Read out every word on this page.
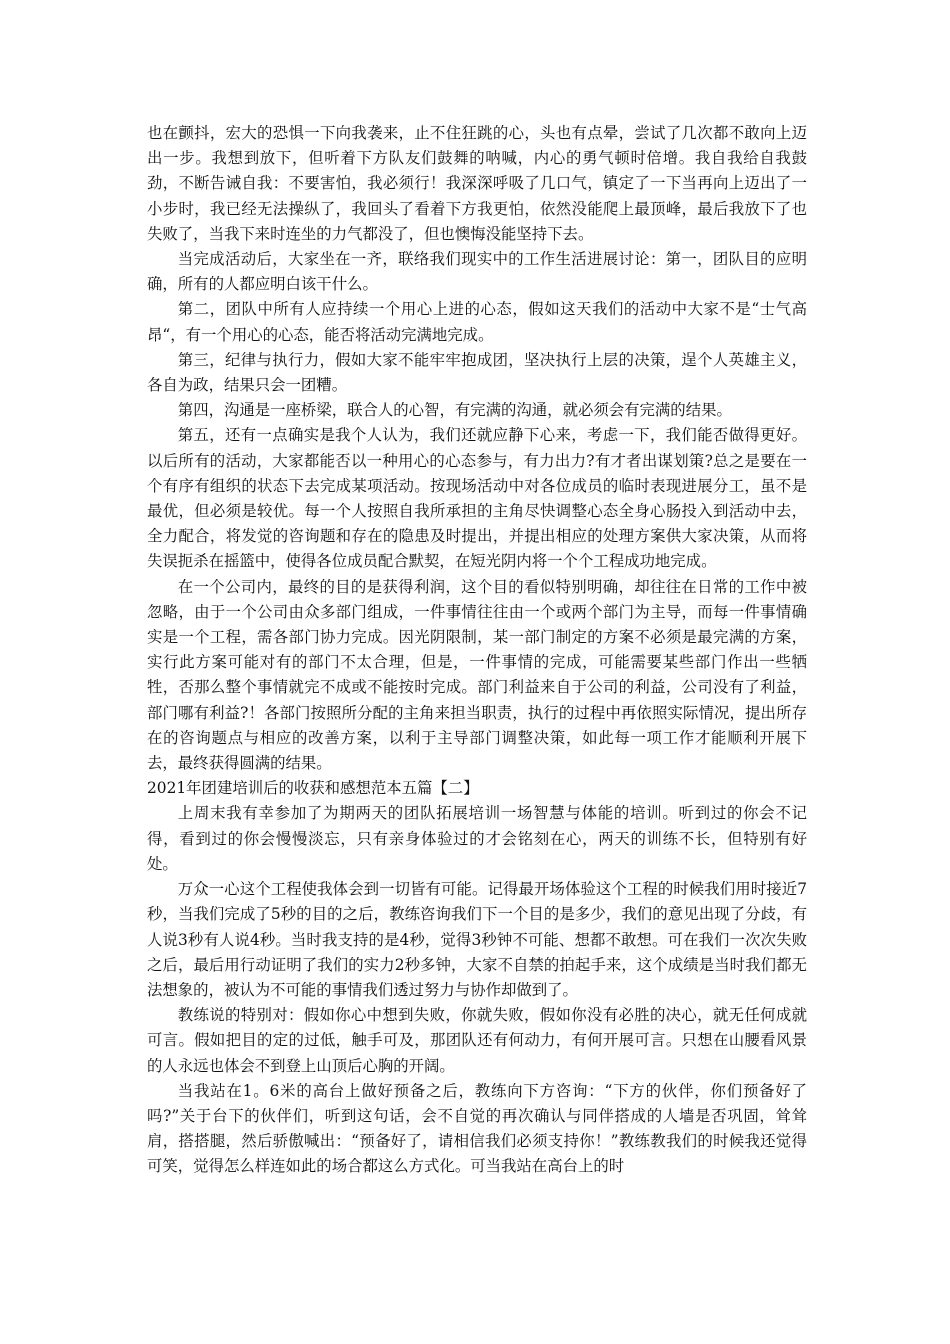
也在颤抖，宏大的恐惧一下向我袭来，止不住狂跳的心，头也有点晕，尝试了几次都不敢向上迈出一步。我想到放下，但听着下方队友们鼓舞的呐喊，内心的勇气顿时倍增。我自我给自我鼓劲，不断告诫自我：不要害怕，我必须行！我深深呼吸了几口气，镇定了一下当再向上迈出了一小步时，我已经无法操纵了，我回头了看着下方我更怕，依然没能爬上最顶峰，最后我放下了也失败了，当我下来时连坐的力气都没了，但也懊悔没能坚持下去。

当完成活动后，大家坐在一齐，联络我们现实中的工作生活进展讨论：第一，团队目的应明确，所有的人都应明白该干什么。

第二，团队中所有人应持续一个用心上进的心态，假如这天我们的活动中大家不是“士气高昂“，有一个用心的心态，能否将活动完满地完成。

第三，纪律与执行力，假如大家不能牢牢抱成团，坚决执行上层的决策，逞个人英雄主义，各自为政，结果只会一团糟。

第四，沟通是一座桥梁，联合人的心智，有完满的沟通，就必须会有完满的结果。

第五，还有一点确实是我个人认为，我们还就应静下心来，考虑一下，我们能否做得更好。以后所有的活动，大家都能否以一种用心的心态参与，有力出力?有才者出谋划策?总之是要在一个有序有组织的状态下去完成某项活动。按现场活动中对各位成员的临时表现进展分工，虽不是最优，但必须是较优。每一个人按照自我所承担的主角尽快调整心态全身心肠投入到活动中去，全力配合，将发觉的咨询题和存在的隐患及时提出，并提出相应的处理方案供大家决策，从而将失误扼杀在摇篮中，使得各位成员配合默契，在短光阴内将一个个工程成功地完成。

在一个公司内，最终的目的是获得利润，这个目的看似特别明确，却往往在日常的工作中被忽略，由于一个公司由众多部门组成，一件事情往往由一个或两个部门为主导，而每一件事情确实是一个工程，需各部门协力完成。因光阴限制，某一部门制定的方案不必须是最完满的方案，实行此方案可能对有的部门不太合理，但是，一件事情的完成，可能需要某些部门作出一些牺牲，否那么整个事情就完不成或不能按时完成。部门利益来自于公司的利益，公司没有了利益，部门哪有利益?！各部门按照所分配的主角来担当职责，执行的过程中再依照实际情况，提出所存在的咨询题点与相应的改善方案，以利于主导部门调整决策，如此每一项工作才能顺利开展下去，最终获得圆满的结果。

2021年团建培训后的收获和感想范本五篇【二】

上周末我有幸参加了为期两天的团队拓展培训一场智慧与体能的培训。听到过的你会不记得，看到过的你会慢慢淡忘，只有亲身体验过的才会铭刻在心，两天的训练不长，但特别有好处。

万众一心这个工程使我体会到一切皆有可能。记得最开场体验这个工程的时候我们用时接近7秒，当我们完成了5秒的目的之后，教练咨询我们下一个目的是多少，我们的意见出现了分歧，有人说3秒有人说4秒。当时我支持的是4秒，觉得3秒钟不可能、想都不敢想。可在我们一次次失败之后，最后用行动证明了我们的实力2秒多钟，大家不自禁的拍起手来，这个成绩是当时我们都无法想象的，被认为不可能的事情我们透过努力与协作却做到了。

教练说的特别对：假如你心中想到失败，你就失败，假如你没有必胜的决心，就无任何成就可言。假如把目的定的过低，触手可及，那团队还有何动力，有何开展可言。只想在山腰看风景的人永远也体会不到登上山顶后心胸的开阔。

当我站在1。6米的高台上做好预备之后，教练向下方咨询：“下方的伙伴，你们预备好了吗?”关于台下的伙伴们，听到这句话，会不自觉的再次确认与同伴搭成的人墙是否巩固，耸耸肩，搭搭腿，然后骄傲喊出：“预备好了，请相信我们必须支持你！”教练教我们的时候我还觉得可笑，觉得怎么样连如此的场合都这么方式化。可当我站在高台上的时
